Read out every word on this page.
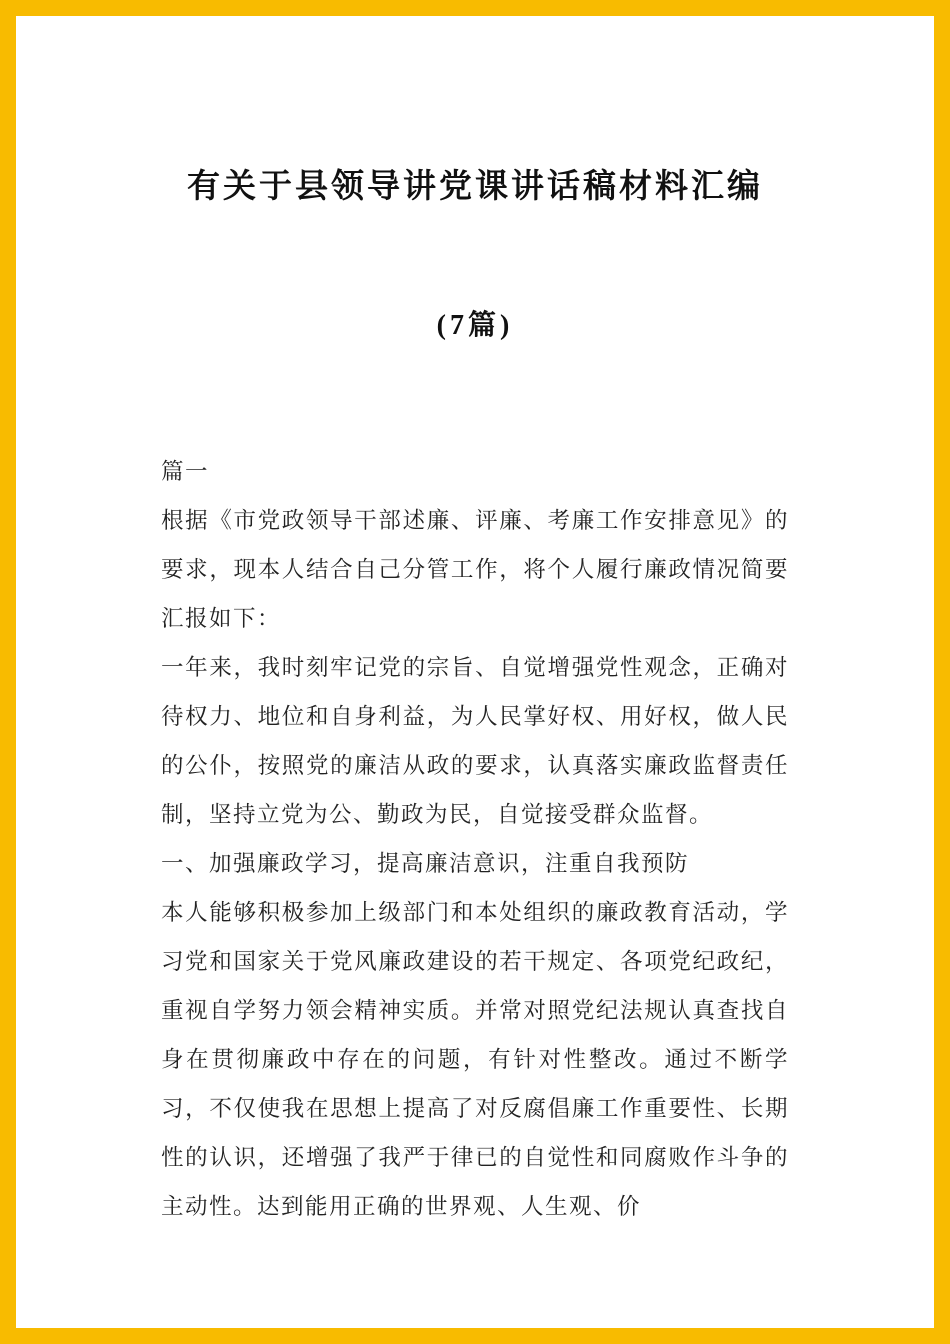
有关于县领导讲党课讲话稿材料汇编
(7篇)

篇一

根据《市党政领导干部述廉、评廉、考廉工作安排意见》的要求，现本人结合自己分管工作，将个人履行廉政情况简要汇报如下：

一年来，我时刻牢记党的宗旨、自觉增强党性观念，正确对待权力、地位和自身利益，为人民掌好权、用好权，做人民的公仆，按照党的廉洁从政的要求，认真落实廉政监督责任制，坚持立党为公、勤政为民，自觉接受群众监督。

一、加强廉政学习，提高廉洁意识，注重自我预防

本人能够积极参加上级部门和本处组织的廉政教育活动，学习党和国家关于党风廉政建设的若干规定、各项党纪政纪，重视自学努力领会精神实质。并常对照党纪法规认真查找自身在贯彻廉政中存在的问题，有针对性整改。通过不断学习，不仅使我在思想上提高了对反腐倡廉工作重要性、长期性的认识，还增强了我严于律已的自觉性和同腐败作斗争的主动性。达到能用正确的世界观、人生观、价
